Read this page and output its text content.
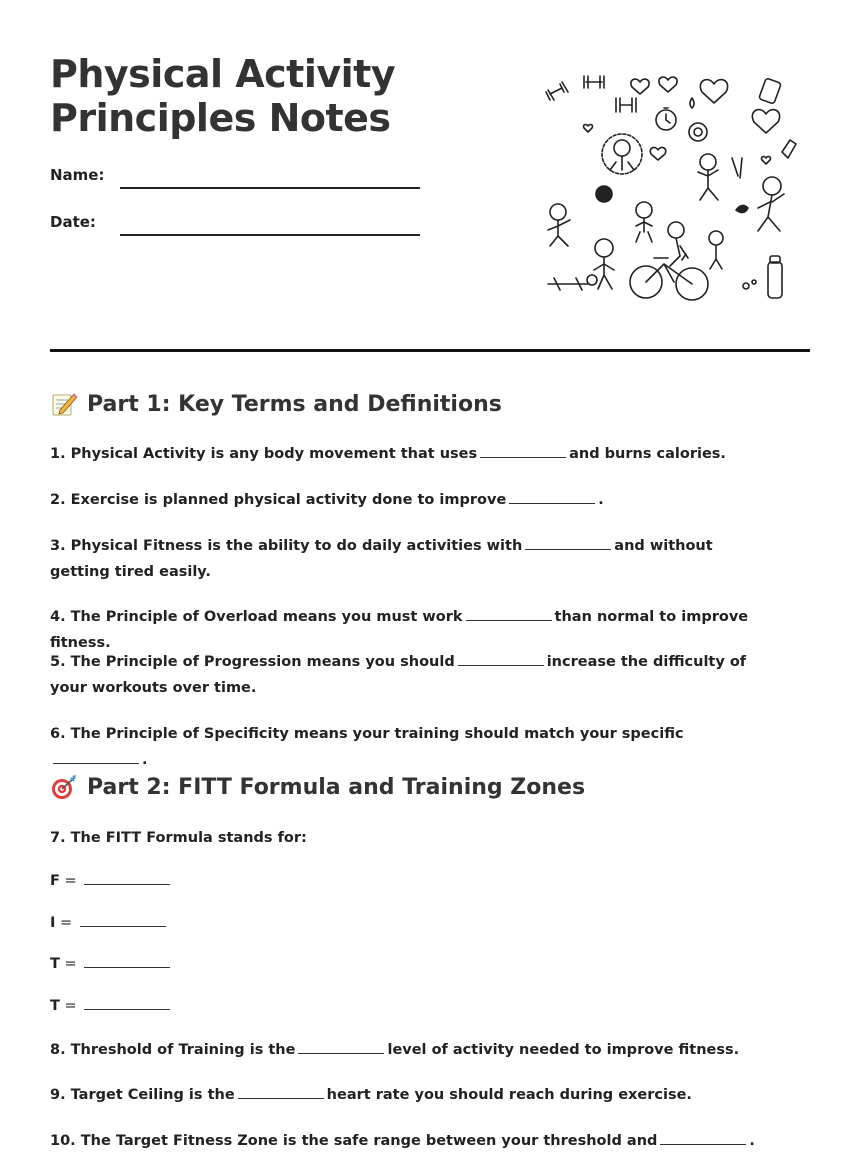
Physical Activity
Principles Notes
Name:
Date:
Part 1: Key Terms and Definitions
1. Physical Activity is any body movement that uses	and burns calories.
2. Exercise is planned physical activity done to improve	.
3. Physical Fitness is the ability to do daily activities with	and without getting tired easily.
4. The Principle of Overload means you must work	than normal to improve fitness.
5. The Principle of Progression means you should	increase the difficulty of your workouts over time.
6. The Principle of Specificity means your training should match your specific.
Part 2: FITT Formula and Training Zones
7. The FITT Formula stands for:
F =
I =
T =
T =
8. Threshold of Training is the	level of activity needed to improve fitness.
9. Target Ceiling is the	heart rate you should reach during exercise.
10. The Target Fitness Zone is the safe range between your threshold and	.
